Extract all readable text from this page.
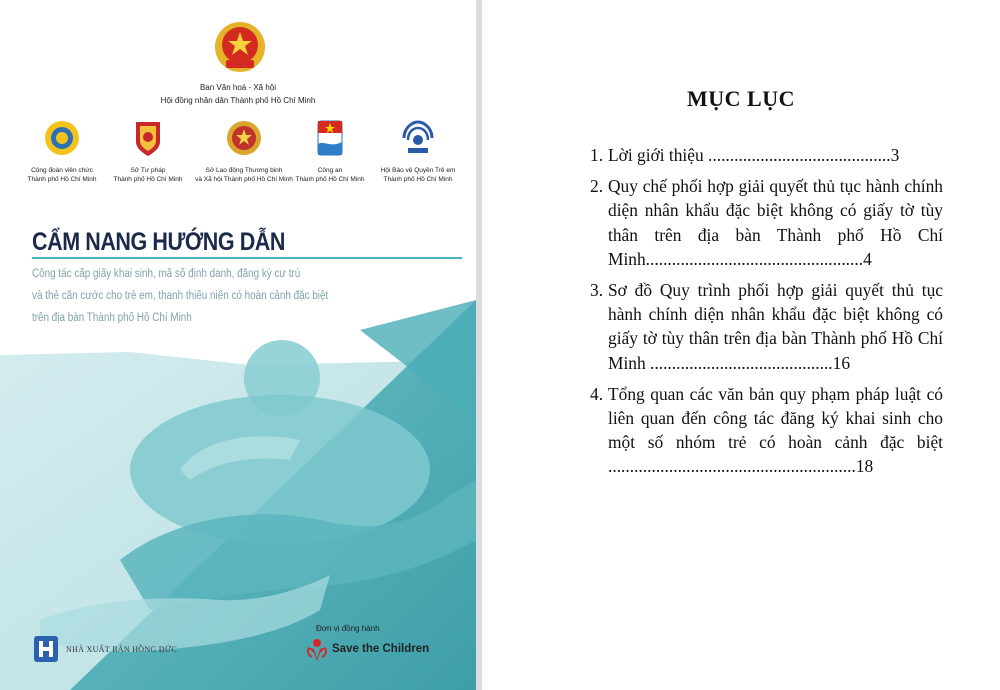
Ban Văn hoá - Xã hội
Hội đồng nhân dân Thành phố Hồ Chí Minh
Công đoàn viên chức
Thành phố Hồ Chí Minh
Sở Tư pháp
Thành phố Hồ Chí Minh
Sở Lao động Thương binh
và Xã hội Thành phố Hồ Chí Minh
Công an
Thành phố Hồ Chí Minh
Hội Bảo vệ Quyền Trẻ em
Thành phố Hồ Chí Minh
CẨM NANG HƯỚNG DẪN
Công tác cấp giấy khai sinh, mã số định danh, đăng ký cư trú
và thẻ căn cước cho trẻ em, thanh thiếu niên có hoàn cảnh đặc biệt
trên địa bàn Thành phố Hồ Chí Minh
NHÀ XUẤT BẢN HỒNG ĐỨC
Đơn vị đồng hành
Save the Children
MỤC LỤC
1. Lời giới thiệu ..........................................3
2. Quy chế phối hợp giải quyết thủ tục hành chính diện nhân khẩu đặc biệt không có giấy tờ tùy thân trên địa bàn Thành phố Hồ Chí Minh..................................................4
3. Sơ đồ Quy trình phối hợp giải quyết thủ tục hành chính diện nhân khẩu đặc biệt không có giấy tờ tùy thân trên địa bàn Thành phố Hồ Chí Minh ..........................................16
4. Tổng quan các văn bản quy phạm pháp luật có liên quan đến công tác đăng ký khai sinh cho một số nhóm trẻ có hoàn cảnh đặc biệt .........................................................18
